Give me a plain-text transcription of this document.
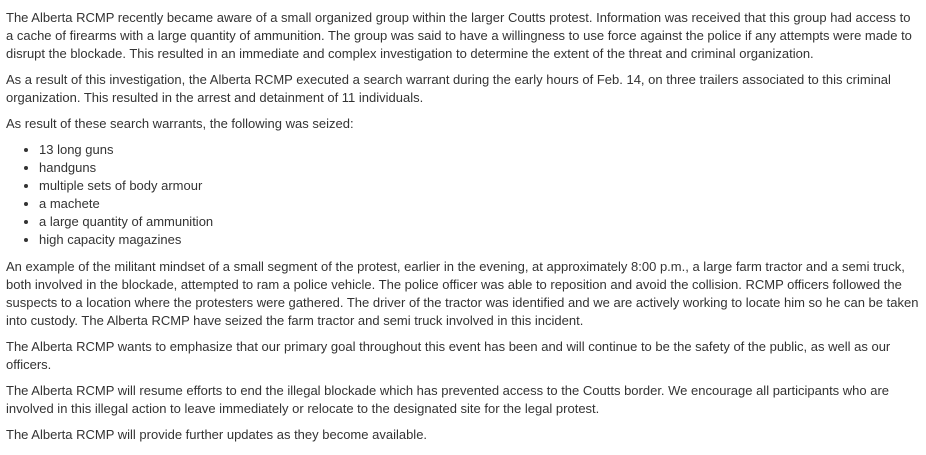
The Alberta RCMP recently became aware of a small organized group within the larger Coutts protest. Information was received that this group had access to a cache of firearms with a large quantity of ammunition. The group was said to have a willingness to use force against the police if any attempts were made to disrupt the blockade. This resulted in an immediate and complex investigation to determine the extent of the threat and criminal organization.

As a result of this investigation, the Alberta RCMP executed a search warrant during the early hours of Feb. 14, on three trailers associated to this criminal organization. This resulted in the arrest and detainment of 11 individuals.

As result of these search warrants, the following was seized:

• 13 long guns
• handguns
• multiple sets of body armour
• a machete
• a large quantity of ammunition
• high capacity magazines

An example of the militant mindset of a small segment of the protest, earlier in the evening, at approximately 8:00 p.m., a large farm tractor and a semi truck, both involved in the blockade, attempted to ram a police vehicle. The police officer was able to reposition and avoid the collision. RCMP officers followed the suspects to a location where the protesters were gathered. The driver of the tractor was identified and we are actively working to locate him so he can be taken into custody. The Alberta RCMP have seized the farm tractor and semi truck involved in this incident.

The Alberta RCMP wants to emphasize that our primary goal throughout this event has been and will continue to be the safety of the public, as well as our officers.

The Alberta RCMP will resume efforts to end the illegal blockade which has prevented access to the Coutts border. We encourage all participants who are involved in this illegal action to leave immediately or relocate to the designated site for the legal protest.

The Alberta RCMP will provide further updates as they become available.
